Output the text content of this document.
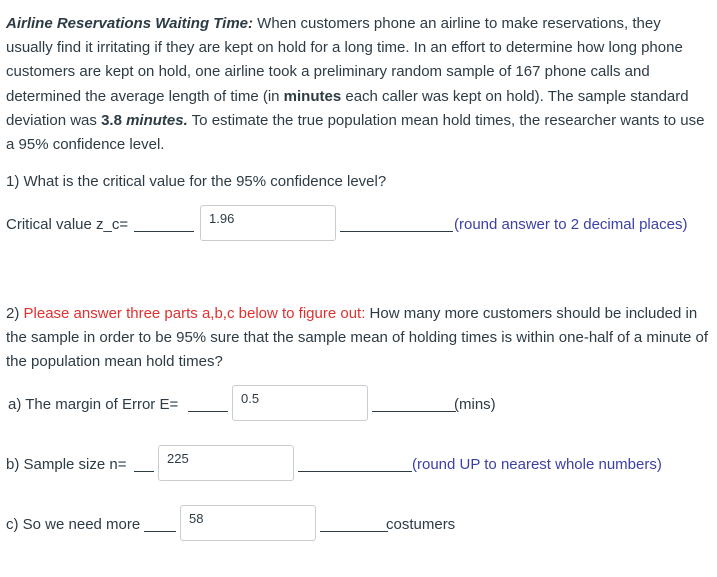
Airline Reservations Waiting Time: When customers phone an airline to make reservations, they usually find it irritating if they are kept on hold for a long time. In an effort to determine how long phone customers are kept on hold, one airline took a preliminary random sample of 167 phone calls and determined the average length of time (in minutes each caller was kept on hold). The sample standard deviation was 3.8 minutes. To estimate the true population mean hold times, the researcher wants to use a 95% confidence level.

1) What is the critical value for the 95% confidence level?

Critical value z_c=
1.96	(round answer to 2 decimal places)

2) Please answer three parts a,b,c below to figure out: How many more customers should be included in the sample in order to be 95% sure that the sample mean of holding times is within one-half of a minute of the population mean hold times?

a) The margin of Error E=
0.5	(mins)
b) Sample size n=
225	(round UP to nearest whole numbers)
c) So we need more
58	costumers
